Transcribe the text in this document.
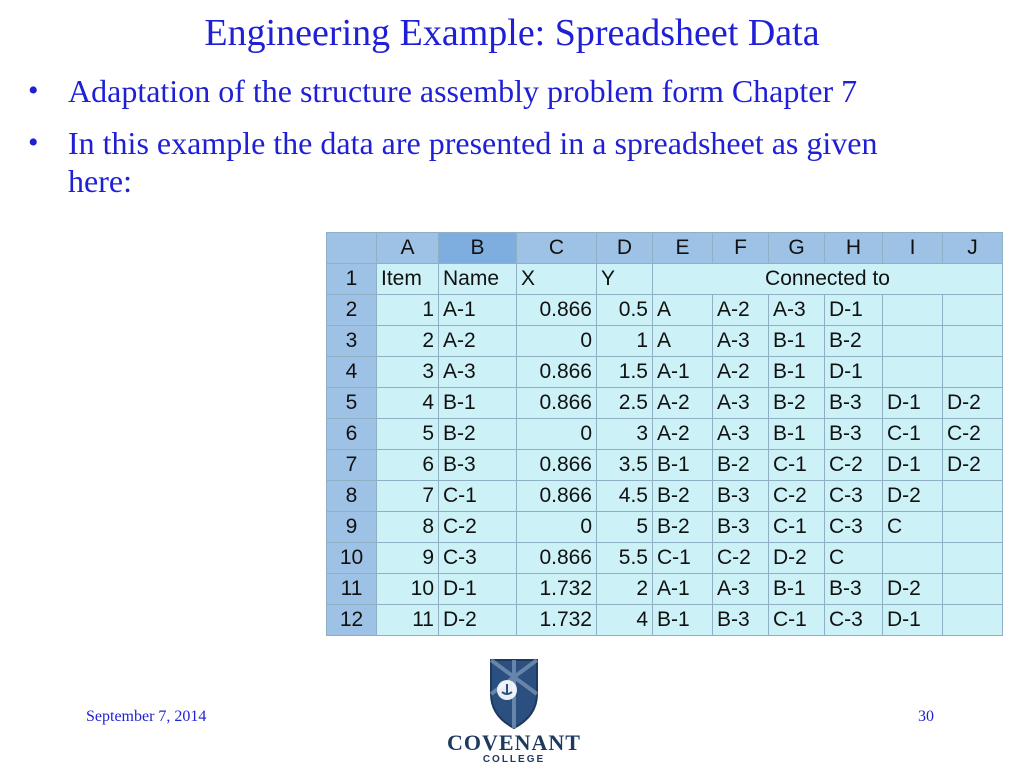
Engineering Example: Spreadsheet Data
• Adaptation of the structure assembly problem form Chapter 7
• In this example the data are presented in a spreadsheet as given here:
	A	B	C	D	E	F	G	H	I	J
1	Item	Name	X	Y	Connected to					
2	1	A-1	0.866	0.5	A	A-2	A-3	D-1		
3	2	A-2	0	1	A	A-3	B-1	B-2		
4	3	A-3	0.866	1.5	A-1	A-2	B-1	D-1		
5	4	B-1	0.866	2.5	A-2	A-3	B-2	B-3	D-1	D-2
6	5	B-2	0	3	A-2	A-3	B-1	B-3	C-1	C-2
7	6	B-3	0.866	3.5	B-1	B-2	C-1	C-2	D-1	D-2
8	7	C-1	0.866	4.5	B-2	B-3	C-2	C-3	D-2	
9	8	C-2	0	5	B-2	B-3	C-1	C-3	C	
10	9	C-3	0.866	5.5	C-1	C-2	D-2	C		
11	10	D-1	1.732	2	A-1	A-3	B-1	B-3	D-2	
12	11	D-2	1.732	4	B-1	B-3	C-1	C-3	D-1	
September 7, 2014	30
COVENANT
COLLEGE
